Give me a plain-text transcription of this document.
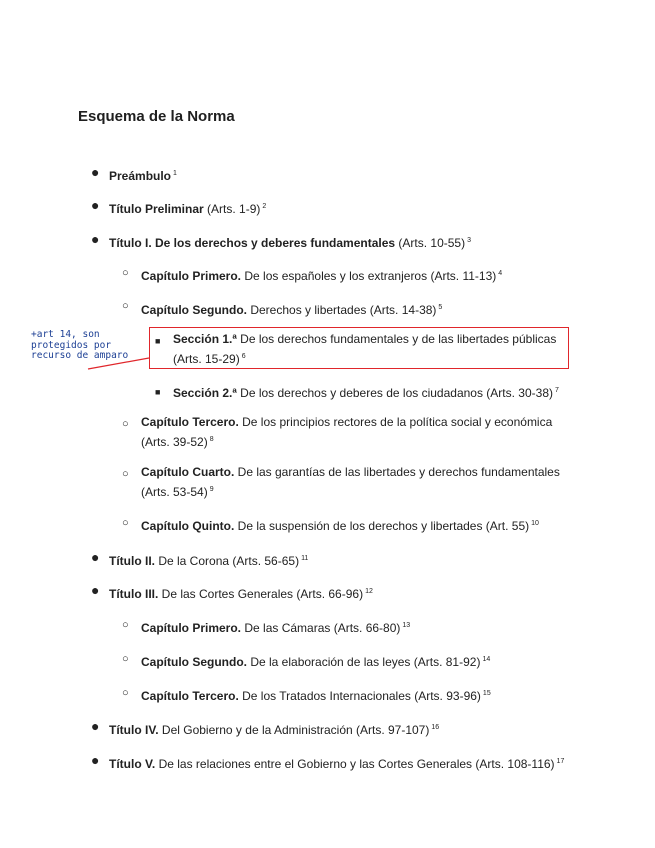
Esquema de la Norma
● Preámbulo $^1$
● Título Preliminar (Arts. 1-9) $^2$
● Título I. De los derechos y deberes fundamentales (Arts. 10-55) $^3$
○ Capítulo Primero. De los españoles y los extranjeros (Arts. 11-13) $^4$
○ Capítulo Segundo. Derechos y libertades (Arts. 14-38) $^5$
■ Sección 1.ª De los derechos fundamentales y de las libertades públicas
(Arts. 15-29) $^6$
■ Sección 2.ª De los derechos y deberes de los ciudadanos (Arts. 30-38) $^7$
○ Capítulo Tercero. De los principios rectores de la política social y económica
(Arts. 39-52) $^8$
○ Capítulo Cuarto. De las garantías de las libertades y derechos fundamentales
(Arts. 53-54) $^9$
○ Capítulo Quinto. De la suspensión de los derechos y libertades (Art. 55) $^{10}$
● Título II. De la Corona (Arts. 56-65) $^{11}$
● Título III. De las Cortes Generales (Arts. 66-96) $^{12}$
○ Capítulo Primero. De las Cámaras (Arts. 66-80) $^{13}$
○ Capítulo Segundo. De la elaboración de las leyes (Arts. 81-92) $^{14}$
○ Capítulo Tercero. De los Tratados Internacionales (Arts. 93-96) $^{15}$
● Título IV. Del Gobierno y de la Administración (Arts. 97-107) $^{16}$
● Título V. De las relaciones entre el Gobierno y las Cortes Generales (Arts. 108-116) $^{17}$
+art 14, son protegidos por recurso de amparo
